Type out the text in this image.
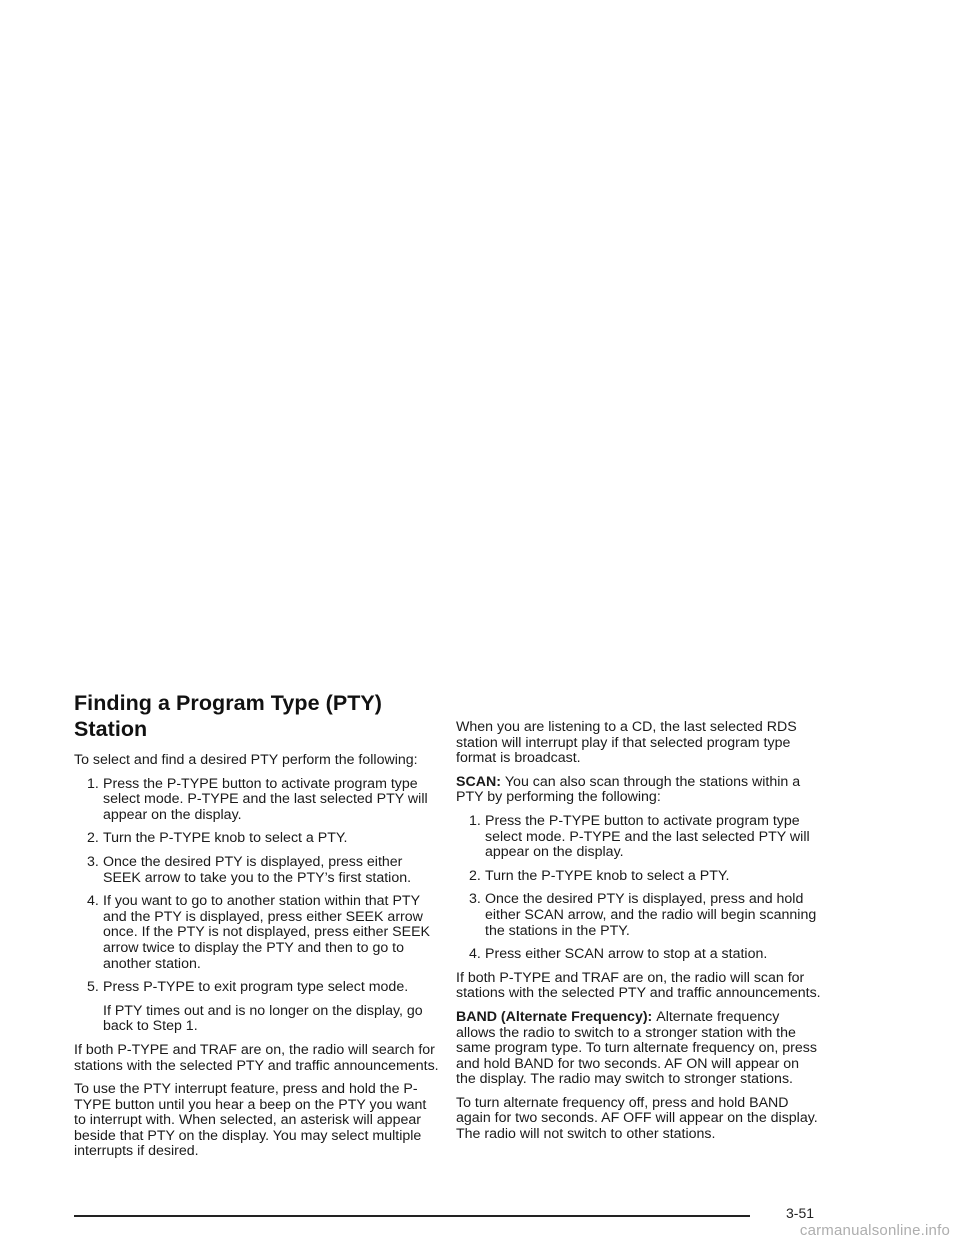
Finding a Program Type (PTY) Station

To select and find a desired PTY perform the following:

1. Press the P-TYPE button to activate program type select mode. P-TYPE and the last selected PTY will appear on the display.
2. Turn the P-TYPE knob to select a PTY.
3. Once the desired PTY is displayed, press either SEEK arrow to take you to the PTY’s first station.
4. If you want to go to another station within that PTY and the PTY is displayed, press either SEEK arrow once. If the PTY is not displayed, press either SEEK arrow twice to display the PTY and then to go to another station.
5. Press P-TYPE to exit program type select mode.

If PTY times out and is no longer on the display, go back to Step 1.

If both P-TYPE and TRAF are on, the radio will search for stations with the selected PTY and traffic announcements.

To use the PTY interrupt feature, press and hold the P-TYPE button until you hear a beep on the PTY you want to interrupt with. When selected, an asterisk will appear beside that PTY on the display. You may select multiple interrupts if desired.

When you are listening to a CD, the last selected RDS station will interrupt play if that selected program type format is broadcast.

SCAN: You can also scan through the stations within a PTY by performing the following:

1. Press the P-TYPE button to activate program type select mode. P-TYPE and the last selected PTY will appear on the display.
2. Turn the P-TYPE knob to select a PTY.
3. Once the desired PTY is displayed, press and hold either SCAN arrow, and the radio will begin scanning the stations in the PTY.
4. Press either SCAN arrow to stop at a station.

If both P-TYPE and TRAF are on, the radio will scan for stations with the selected PTY and traffic announcements.

BAND (Alternate Frequency): Alternate frequency allows the radio to switch to a stronger station with the same program type. To turn alternate frequency on, press and hold BAND for two seconds. AF ON will appear on the display. The radio may switch to stronger stations.

To turn alternate frequency off, press and hold BAND again for two seconds. AF OFF will appear on the display. The radio will not switch to other stations.

3-51
carmanualsonline.info
